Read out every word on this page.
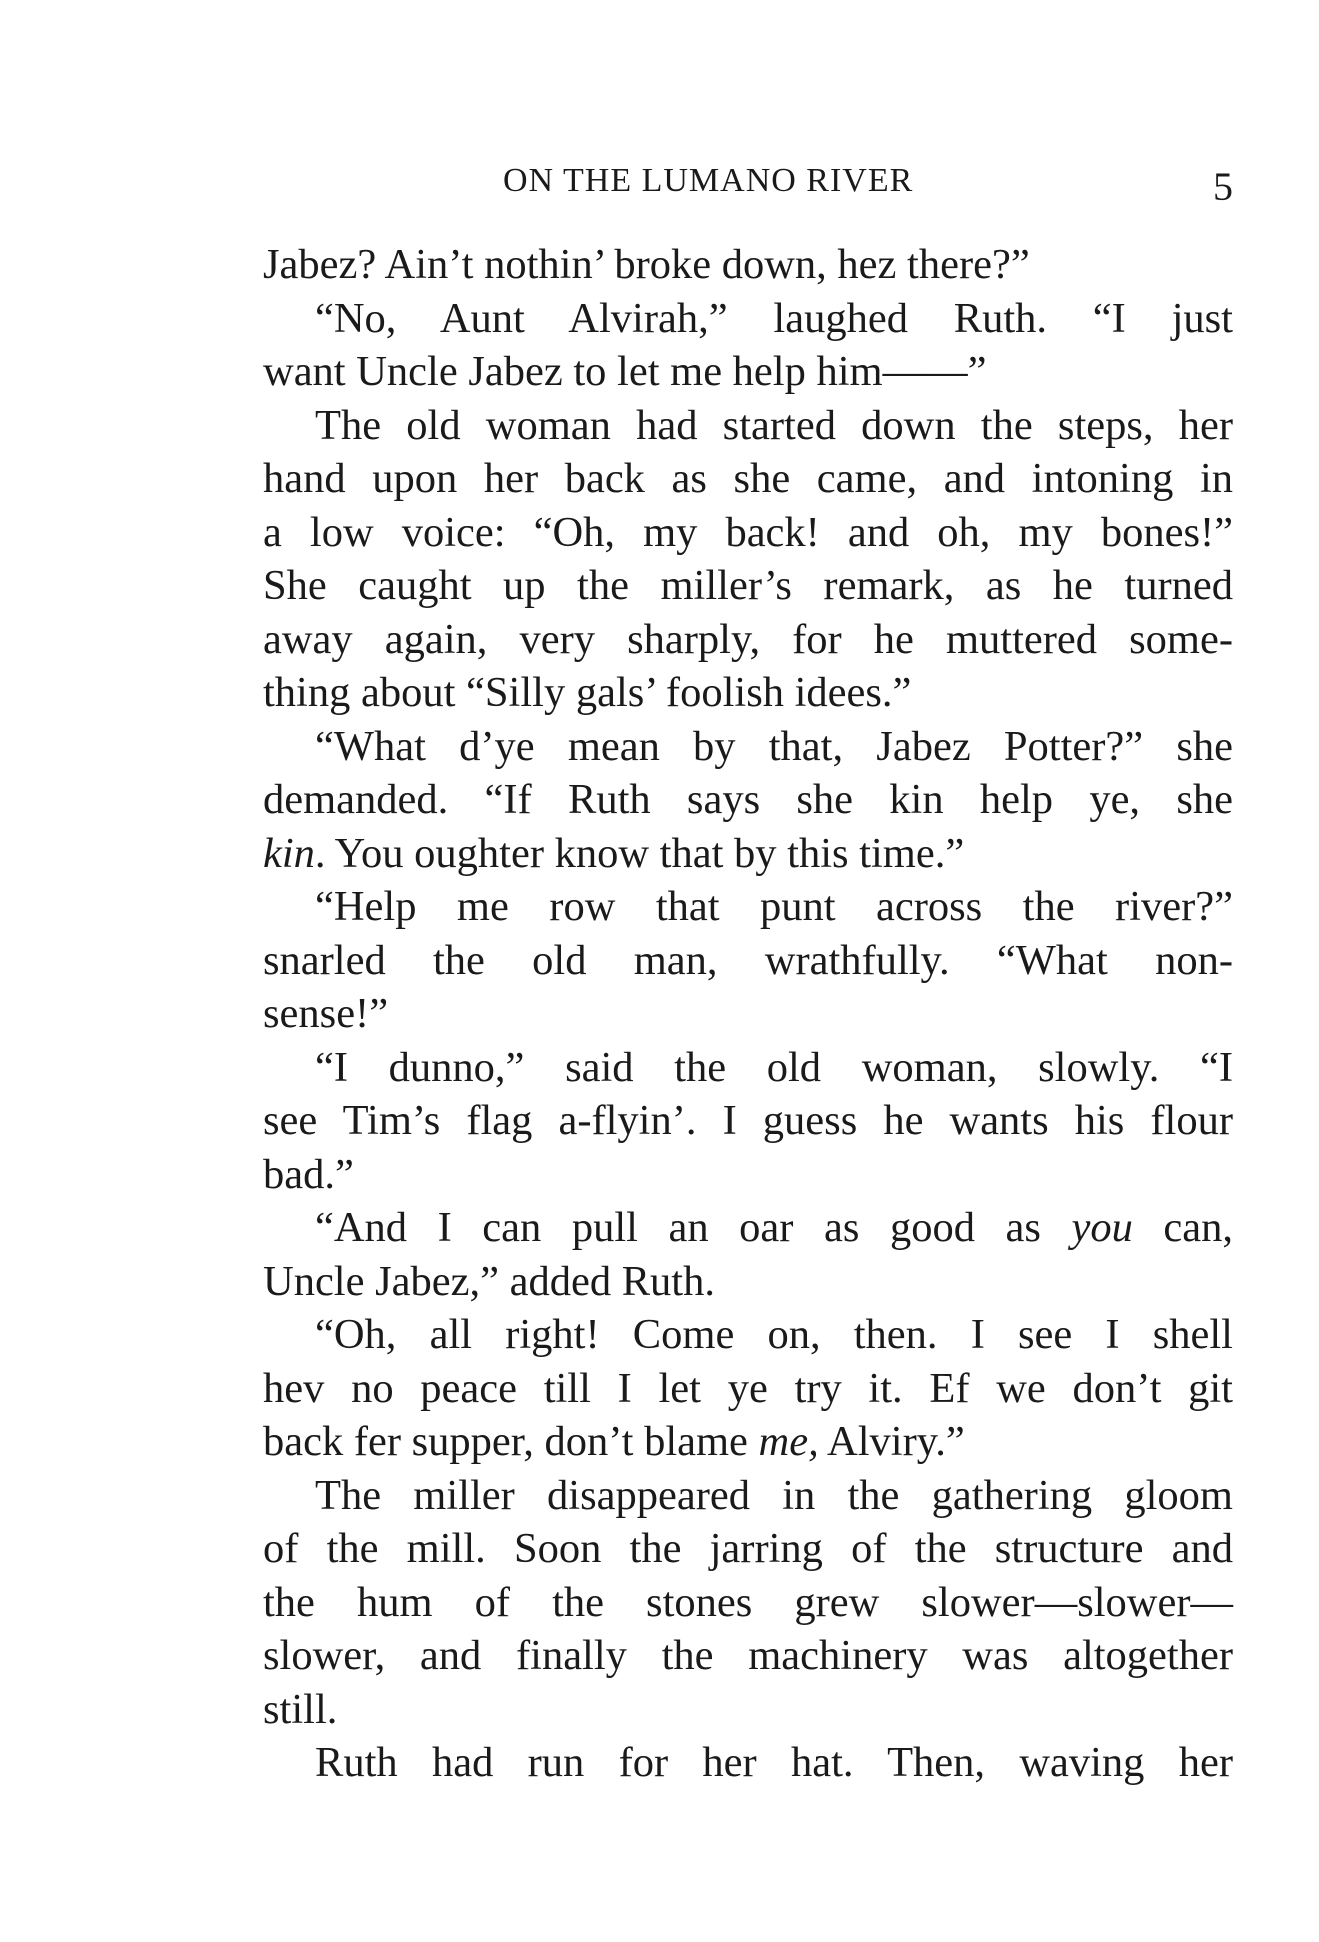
ON THE LUMANO RIVER	5
Jabez? Ain’t nothin’ broke down, hez there?”
“No, Aunt Alvirah,” laughed Ruth. “I just
want Uncle Jabez to let me help him——”
The old woman had started down the steps, her
hand upon her back as she came, and intoning in
a low voice: “Oh, my back! and oh, my bones!”
She caught up the miller’s remark, as he turned
away again, very sharply, for he muttered some-
thing about “Silly gals’ foolish idees.”
“What d’ye mean by that, Jabez Potter?” she
demanded. “If Ruth says she kin help ye, she
kin. You oughter know that by this time.”
“Help me row that punt across the river?”
snarled the old man, wrathfully. “What non-
sense!”
“I dunno,” said the old woman, slowly. “I
see Tim’s flag a-flyin’. I guess he wants his flour
bad.”
“And I can pull an oar as good as you can,
Uncle Jabez,” added Ruth.
“Oh, all right! Come on, then. I see I shell
hev no peace till I let ye try it. Ef we don’t git
back fer supper, don’t blame me, Alviry.”
The miller disappeared in the gathering gloom
of the mill. Soon the jarring of the structure and
the hum of the stones grew slower—slower—
slower, and finally the machinery was altogether
still.
Ruth had run for her hat. Then, waving her
